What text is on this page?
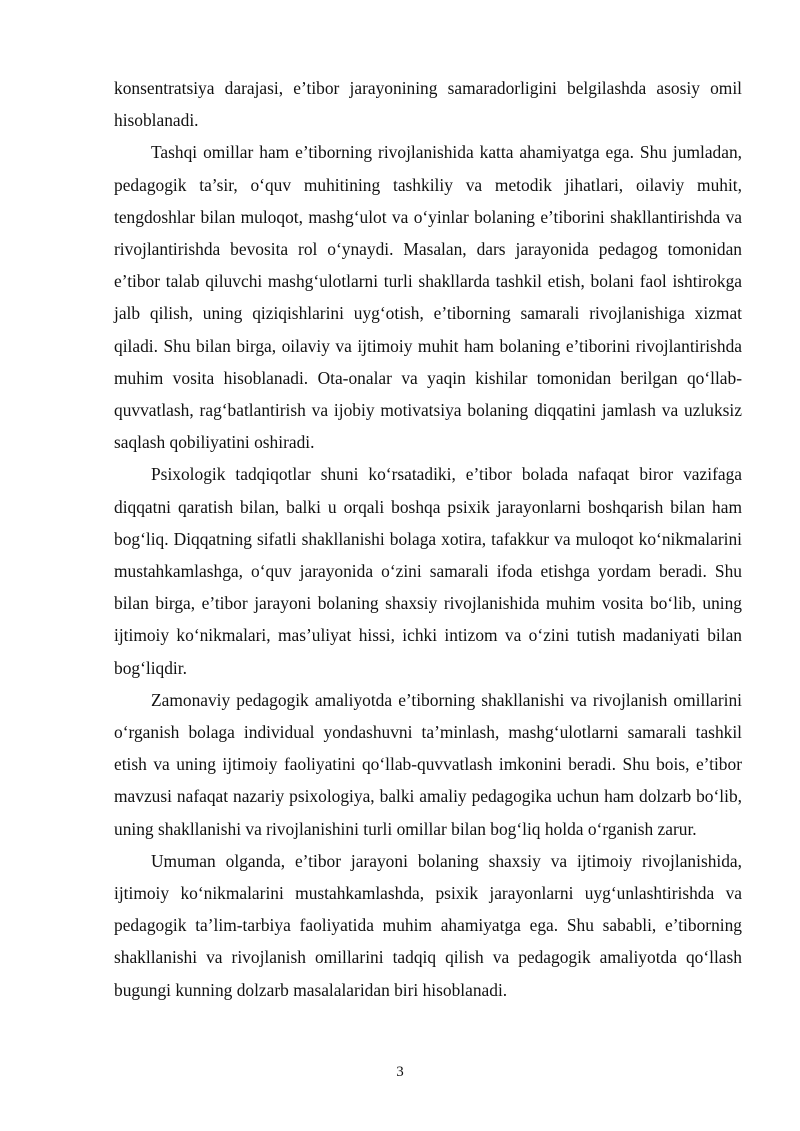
konsentratsiya darajasi, e’tibor jarayonining samaradorligini belgilashda asosiy omil hisoblanadi.

Tashqi omillar ham e’tiborning rivojlanishida katta ahamiyatga ega. Shu jumladan, pedagogik ta’sir, o‘quv muhitining tashkiliy va metodik jihatlari, oilaviy muhit, tengdoshlar bilan muloqot, mashg‘ulot va o‘yinlar bolaning e’tiborini shakllantirishda va rivojlantirishda bevosita rol o‘ynaydi. Masalan, dars jarayonida pedagog tomonidan e’tibor talab qiluvchi mashg‘ulotlarni turli shakllarda tashkil etish, bolani faol ishtirokga jalb qilish, uning qiziqishlarini uyg‘otish, e’tiborning samarali rivojlanishiga xizmat qiladi. Shu bilan birga, oilaviy va ijtimoiy muhit ham bolaning e’tiborini rivojlantirishda muhim vosita hisoblanadi. Ota-onalar va yaqin kishilar tomonidan berilgan qo‘llab-quvvatlash, rag‘batlantirish va ijobiy motivatsiya bolaning diqqatini jamlash va uzluksiz saqlash qobiliyatini oshiradi.

Psixologik tadqiqotlar shuni ko‘rsatadiki, e’tibor bolada nafaqat biror vazifaga diqqatni qaratish bilan, balki u orqali boshqa psixik jarayonlarni boshqarish bilan ham bog‘liq. Diqqatning sifatli shakllanishi bolaga xotira, tafakkur va muloqot ko‘nikmalarini mustahkamlashga, o‘quv jarayonida o‘zini samarali ifoda etishga yordam beradi. Shu bilan birga, e’tibor jarayoni bolaning shaxsiy rivojlanishida muhim vosita bo‘lib, uning ijtimoiy ko‘nikmalari, mas’uliyat hissi, ichki intizom va o‘zini tutish madaniyati bilan bog‘liqdir.

Zamonaviy pedagogik amaliyotda e’tiborning shakllanishi va rivojlanish omillarini o‘rganish bolaga individual yondashuvni ta’minlash, mashg‘ulotlarni samarali tashkil etish va uning ijtimoiy faoliyatini qo‘llab-quvvatlash imkonini beradi. Shu bois, e’tibor mavzusi nafaqat nazariy psixologiya, balki amaliy pedagogika uchun ham dolzarb bo‘lib, uning shakllanishi va rivojlanishini turli omillar bilan bog‘liq holda o‘rganish zarur.

Umuman olganda, e’tibor jarayoni bolaning shaxsiy va ijtimoiy rivojlanishida, ijtimoiy ko‘nikmalarini mustahkamlashda, psixik jarayonlarni uyg‘unlashtirishda va pedagogik ta’lim-tarbiya faoliyatida muhim ahamiyatga ega. Shu sababli, e’tiborning shakllanishi va rivojlanish omillarini tadqiq qilish va pedagogik amaliyotda qo‘llash bugungi kunning dolzarb masalalaridan biri hisoblanadi.

3
